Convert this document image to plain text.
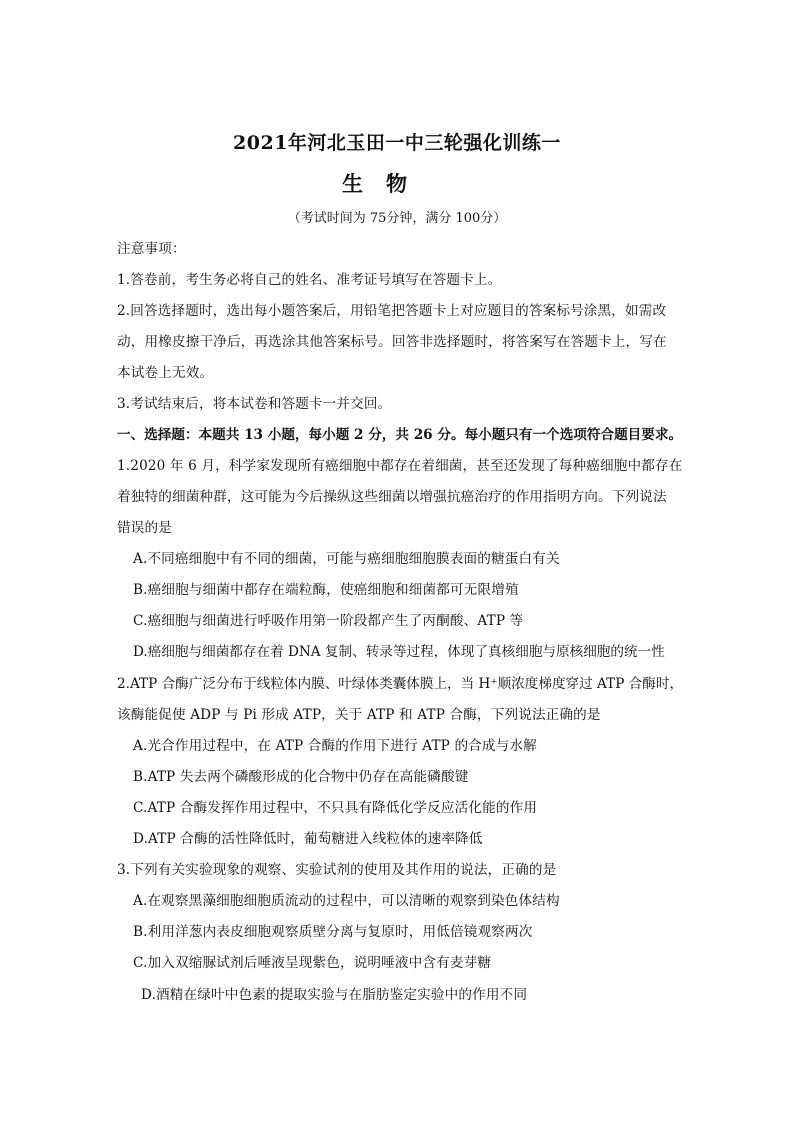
2021年河北玉田一中三轮强化训练一
生　物
（考试时间为 75分钟，满分 100分）
注意事项：
1.答卷前，考生务必将自己的姓名、准考证号填写在答题卡上。
2.回答选择题时，选出每小题答案后，用铅笔把答题卡上对应题目的答案标号涂黑，如需改
动，用橡皮擦干净后，再选涂其他答案标号。回答非选择题时，将答案写在答题卡上，写在
本试卷上无效。
3.考试结束后，将本试卷和答题卡一并交回。
一、选择题：本题共 13 小题，每小题 2 分，共 26 分。每小题只有一个选项符合题目要求。
1.2020 年 6 月，科学家发现所有癌细胞中都存在着细菌，甚至还发现了每种癌细胞中都存在
着独特的细菌种群，这可能为今后操纵这些细菌以增强抗癌治疗的作用指明方向。下列说法
错误的是
A.不同癌细胞中有不同的细菌，可能与癌细胞细胞膜表面的糖蛋白有关
B.癌细胞与细菌中都存在端粒酶，使癌细胞和细菌都可无限增殖
C.癌细胞与细菌进行呼吸作用第一阶段都产生了丙酮酸、ATP 等
D.癌细胞与细菌都存在着 DNA 复制、转录等过程，体现了真核细胞与原核细胞的统一性
2.ATP 合酶广泛分布于线粒体内膜、叶绿体类囊体膜上，当 H⁺顺浓度梯度穿过 ATP 合酶时，
该酶能促使 ADP 与 Pi 形成 ATP，关于 ATP 和 ATP 合酶，下列说法正确的是
A.光合作用过程中，在 ATP 合酶的作用下进行 ATP 的合成与水解
B.ATP 失去两个磷酸形成的化合物中仍存在高能磷酸键
C.ATP 合酶发挥作用过程中，不只具有降低化学反应活化能的作用
D.ATP 合酶的活性降低时，葡萄糖进入线粒体的速率降低
3.下列有关实验现象的观察、实验试剂的使用及其作用的说法，正确的是
A.在观察黑藻细胞细胞质流动的过程中，可以清晰的观察到染色体结构
B.利用洋葱内表皮细胞观察质壁分离与复原时，用低倍镜观察两次
C.加入双缩脲试剂后唾液呈现紫色，说明唾液中含有麦芽糖
D.酒精在绿叶中色素的提取实验与在脂肪鉴定实验中的作用不同
